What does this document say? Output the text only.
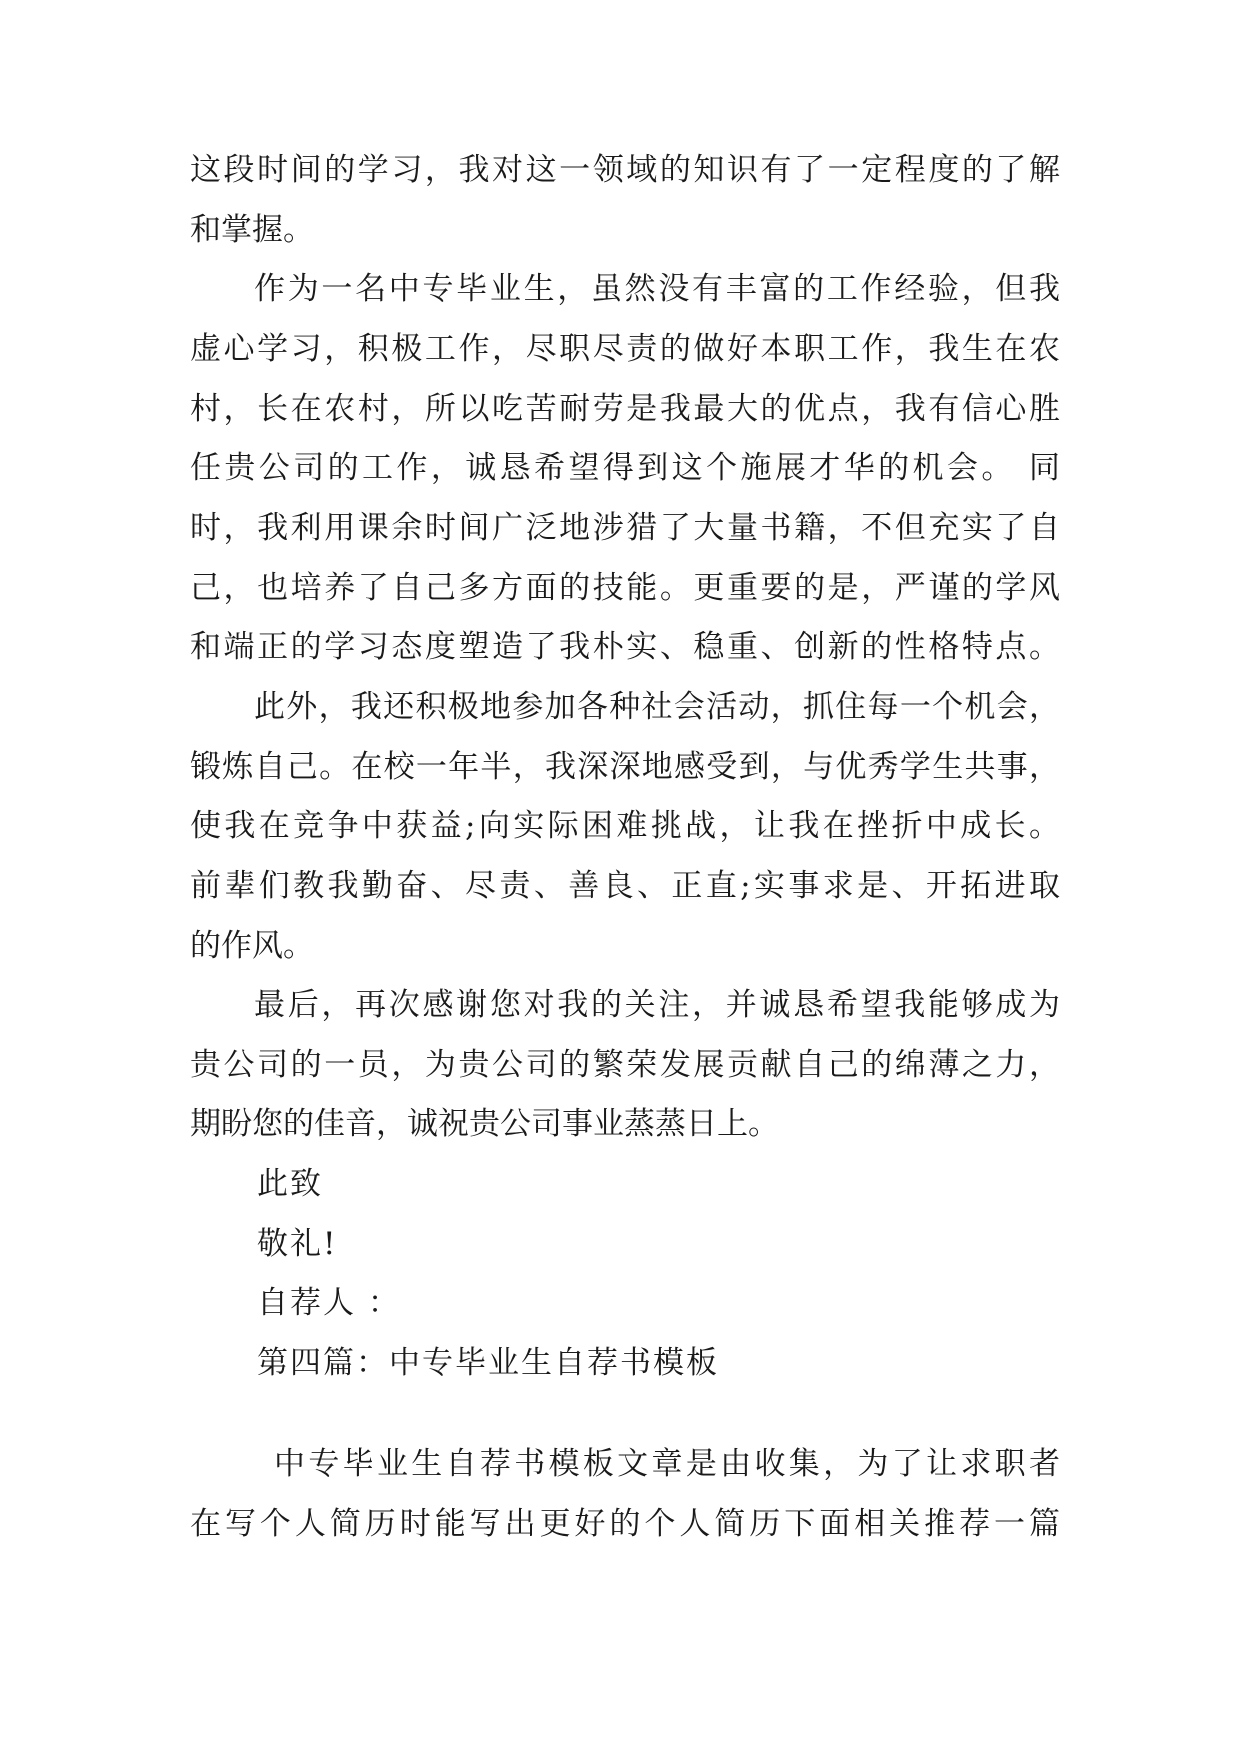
这段时间的学习，我对这一领域的知识有了一定程度的了解
和掌握。
作为一名中专毕业生，虽然没有丰富的工作经验，但我
虚心学习，积极工作，尽职尽责的做好本职工作，我生在农
村，长在农村，所以吃苦耐劳是我最大的优点，我有信心胜
任贵公司的工作，诚恳希望得到这个施展才华的机会。 同
时，我利用课余时间广泛地涉猎了大量书籍，不但充实了自
己，也培养了自己多方面的技能。更重要的是，严谨的学风
和端正的学习态度塑造了我朴实、稳重、创新的性格特点。
此外，我还积极地参加各种社会活动，抓住每一个机会，
锻炼自己。在校一年半，我深深地感受到，与优秀学生共事，
使我在竞争中获益;向实际困难挑战，让我在挫折中成长。
前辈们教我勤奋、尽责、善良、正直;实事求是、开拓进取
的作风。
最后，再次感谢您对我的关注，并诚恳希望我能够成为
贵公司的一员，为贵公司的繁荣发展贡献自己的绵薄之力，
期盼您的佳音，诚祝贵公司事业蒸蒸日上。
此致
敬礼!
自荐人 ：
第四篇：中专毕业生自荐书模板
中专毕业生自荐书模板文章是由收集，为了让求职者
在写个人简历时能写出更好的个人简历下面相关推荐一篇
